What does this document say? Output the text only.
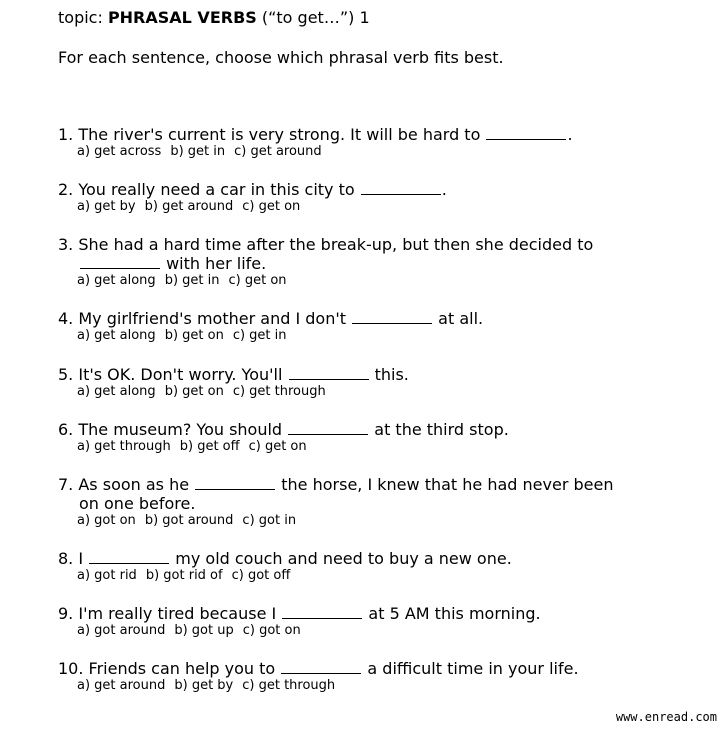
topic: PHRASAL VERBS (“to get…”) 1
For each sentence, choose which phrasal verb fits best.
1. The river's current is very strong. It will be hard to	.
a) get across b) get in c) get around
2. You really need a car in this city to	.
a) get by b) get around c) get on
3. She had a hard time after the break-up, but then she decided to
with her life.
a) get along b) get in c) get on
4. My girlfriend's mother and I don't	at all.
a) get along b) get on c) get in
5. It's OK. Don't worry. You'll	this.
a) get along b) get on c) get through
6. The museum? You should	at the third stop.
a) get through b) get off c) get on
7. As soon as he	the horse, I knew that he had never been
on one before.
a) got on b) got around c) got in
8. I	my old couch and need to buy a new one.
a) got rid b) got rid of c) got off
9. I'm really tired because I	at 5 AM this morning.
a) got around b) got up c) got on
10. Friends can help you to	a difficult time in your life.
a) get around b) get by c) get through
www.enread.com
